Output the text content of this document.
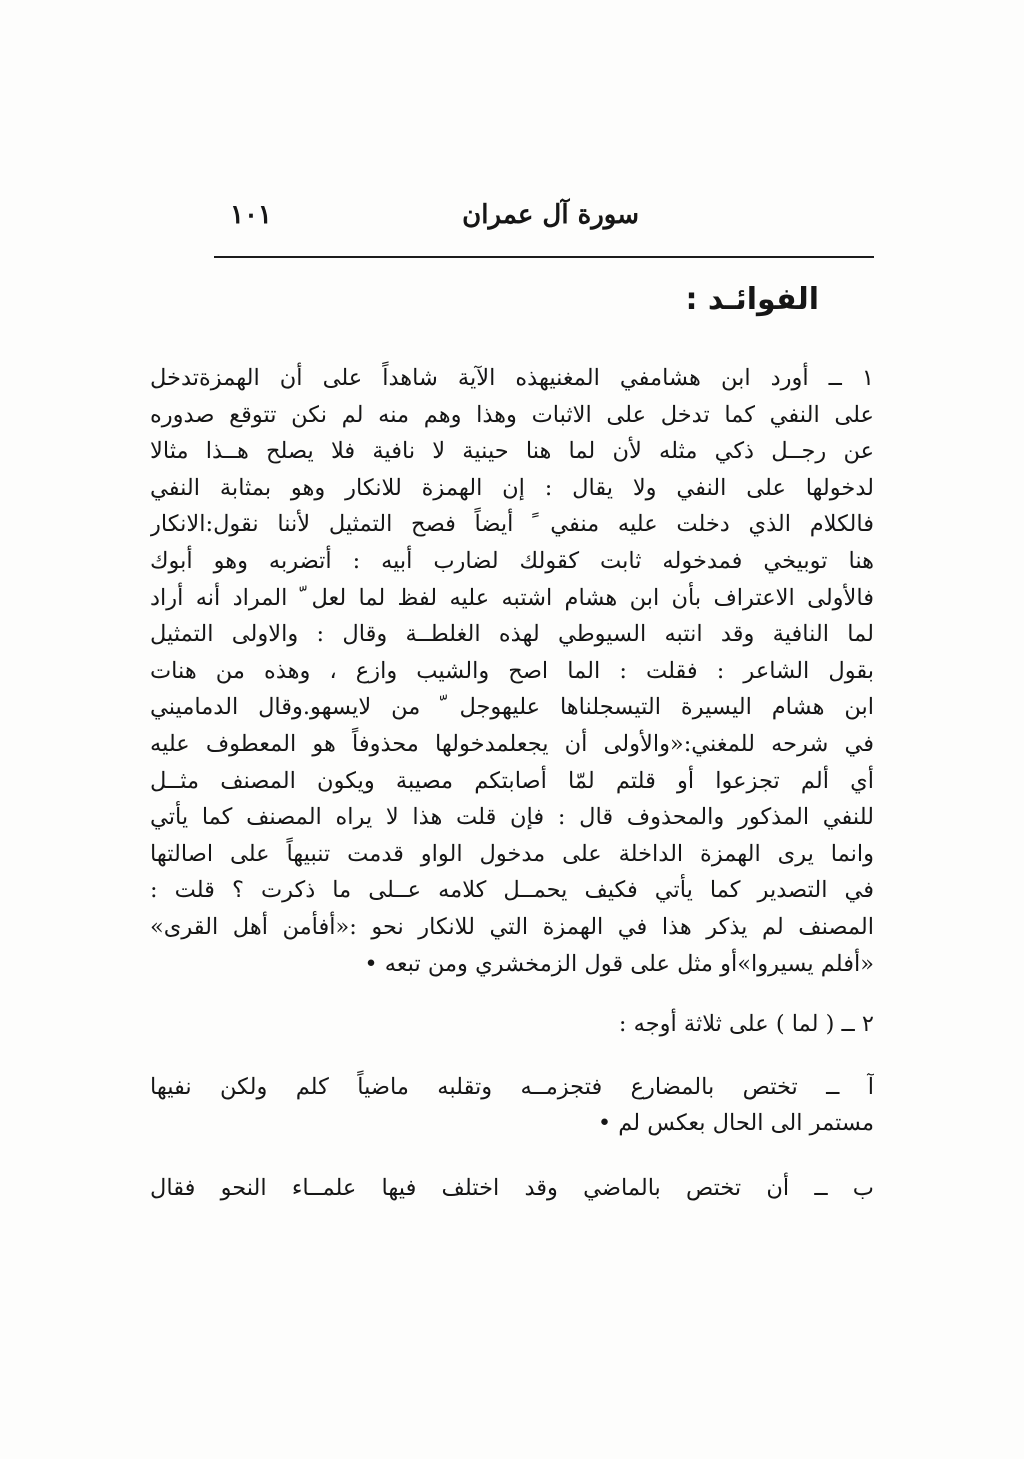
سورة آل عمران
١٠١
الفوائـد :
١ ــ أورد ابن هشامفي المغنيهذه الآية شاهداً على أن الهمزةتدخل
على النفي كما تدخل على الاثبات وهذا وهم منه لم نكن تتوقع صدوره
عن رجــل ذكي مثله لأن لما هنا حينية لا نافية فلا يصلح هــذا مثالا
لدخولها على النفي ولا يقال : إن الهمزة للانكار وهو بمثابة النفي
فالكلام الذي دخلت عليه منفي ً أيضاً فصح التمثيل لأننا نقول:الانكار
هنا توبيخي فمدخوله ثابت كقولك لضارب أبيه : أتضربه وهو أبوك
فالأولى الاعتراف بأن ابن هشام اشتبه عليه لفظ لما لعل ّ المراد أنه أراد
لما النافية وقد انتبه السيوطي لهذه الغلطــة وقال : والاولى التمثيل
بقول الشاعر : فقلت : الما اصح والشيب وازع ، وهذه من هنات
ابن هشام اليسيرة التيسجلناها عليهوجل ّ من لايسهو.وقال الدماميني
في شرحه للمغني:«والأولى أن يجعلمدخولها محذوفاً هو المعطوف عليه
أي ألم تجزعوا أو قلتم لمّا أصابتكم مصيبة ويكون المصنف مثــل
للنفي المذكور والمحذوف قال : فإن قلت هذا لا يراه المصنف كما يأتي
وانما يرى الهمزة الداخلة على مدخول الواو قدمت تنبيهاً على اصالتها
في التصدير كما يأتي فكيف يحمــل كلامه عــلى ما ذكرت ؟ قلت :
المصنف لم يذكر هذا في الهمزة التي للانكار نحو :«أفأمن أهل القرى»
«أفلم يسيروا»أو مثل على قول الزمخشري ومن تبعه •
٢ ــ ( لما ) على ثلاثة أوجه :
آ ــ تختص بالمضارع فتجزمــه وتقلبه ماضياً كلم ولكن نفيها
مستمر الى الحال بعكس لم •
ب ــ أن تختص بالماضي وقد اختلف فيها علمــاء النحو فقال
